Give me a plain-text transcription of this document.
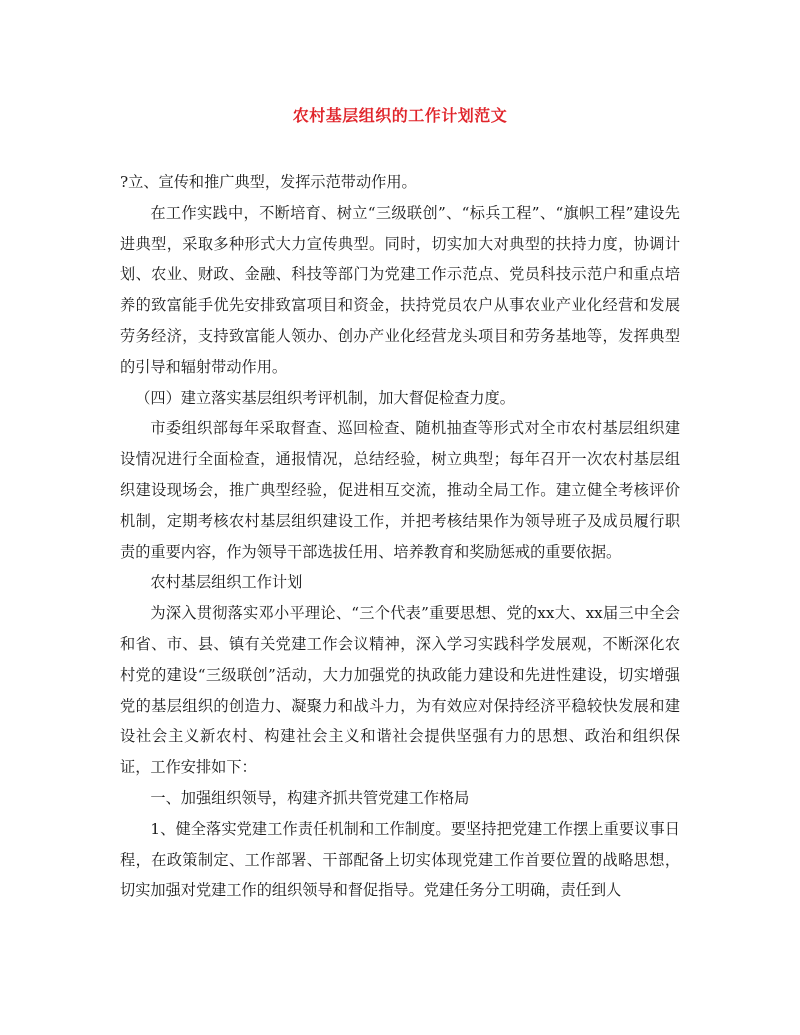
农村基层组织的工作计划范文

?立、宣传和推广典型，发挥示范带动作用。

在工作实践中，不断培育、树立“三级联创”、“标兵工程”、“旗帜工程”建设先进典型，采取多种形式大力宣传典型。同时，切实加大对典型的扶持力度，协调计划、农业、财政、金融、科技等部门为党建工作示范点、党员科技示范户和重点培养的致富能手优先安排致富项目和资金，扶持党员农户从事农业产业化经营和发展劳务经济，支持致富能人领办、创办产业化经营龙头项目和劳务基地等，发挥典型的引导和辐射带动作用。

（四）建立落实基层组织考评机制，加大督促检查力度。

市委组织部每年采取督查、巡回检查、随机抽查等形式对全市农村基层组织建设情况进行全面检查，通报情况，总结经验，树立典型；每年召开一次农村基层组织建设现场会，推广典型经验，促进相互交流，推动全局工作。建立健全考核评价机制，定期考核农村基层组织建设工作，并把考核结果作为领导班子及成员履行职责的重要内容，作为领导干部选拔任用、培养教育和奖励惩戒的重要依据。

农村基层组织工作计划

为深入贯彻落实邓小平理论、“三个代表”重要思想、党的xx大、xx届三中全会和省、市、县、镇有关党建工作会议精神，深入学习实践科学发展观，不断深化农村党的建设“三级联创”活动，大力加强党的执政能力建设和先进性建设，切实增强党的基层组织的创造力、凝聚力和战斗力，为有效应对保持经济平稳较快发展和建设社会主义新农村、构建社会主义和谐社会提供坚强有力的思想、政治和组织保证，工作安排如下：

一、加强组织领导，构建齐抓共管党建工作格局

1、健全落实党建工作责任机制和工作制度。要坚持把党建工作摆上重要议事日程，在政策制定、工作部署、干部配备上切实体现党建工作首要位置的战略思想，切实加强对党建工作的组织领导和督促指导。党建任务分工明确，责任到人
